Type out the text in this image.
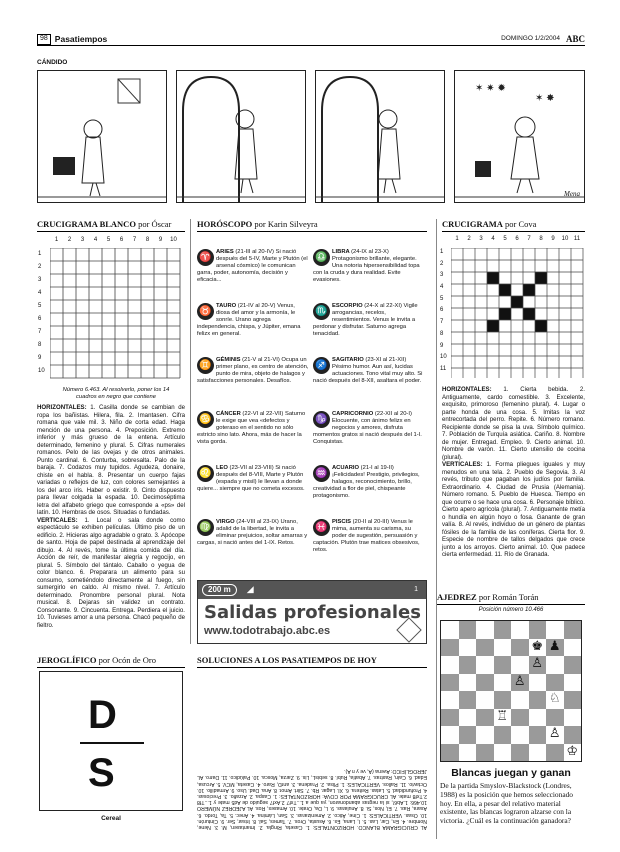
98 Pasatiempos	DOMINGO 1/2/2004 ABC
CÁNDIDO
✶ ✷ ✹
✶ ✸
Mena
CRUCIGRAMA BLANCO por Óscar
1	2	3	4	5	6	7	8	9	10
1
2
3
4
5
6
7
8
9
10
Número 6.463. Al resolverlo, poner los 14 cuadros en negro que contiene
HORIZONTALES: 1. Casilla donde se cambian de ropa los bañistas. Hilera, fila. 2. Imantasen. Cifra romana que vale mil. 3. Niño de corta edad. Haga mención de una persona. 4. Preposición. Extremo inferior y más grueso de la entena. Artículo determinado, femenino y plural. 5. Cifras numerales romanos. Pelo de las ovejas y de otros animales. Punto cardinal. 6. Conturba, sobresalta. Palo de la baraja. 7. Codazos muy tupidos. Agudeza, donaire, chiste en el habla. 8. Presentar un cuerpo fajas variadas o reflejos de luz, con colores semejantes a los del arco iris. Haber o existir. 9. Cinto dispuesto para llevar colgada la espada. 10. Decimoséptima letra del alfabeto griego que corresponde a «ps» del latín. 10. Hembras de osos. Situadas o fundadas.
VERTICALES: 1. Local o sala donde como espectáculo se exhiben películas. Último piso de un edificio. 2. Hicieras algo agradable o grato. 3. Apócope de santo. Hoja de papel destinada al aprendizaje del dibujo. 4. Al revés, tome la última comida del día. Acción de reír, de manifestar alegría y regocijo, en plural. 5. Símbolo del tántalo. Caballo o yegua de color blanco. 6. Preparara un alimento para su consumo, sometiéndolo directamente al fuego, sin sumergirlo en caldo. Al mismo nivel. 7. Artículo determinado. Pronombre personal plural. Nota musical. 8. Dejaras sin validez un contrato. Consonante. 9. Cincuenta. Entrega. Perdiera el juicio. 10. Tuvieses amor a una persona. Chacó pequeño de fieltro.
HORÓSCOPO por Karin Silveyra
♈ ARIES (21-III al 20-IV) Si nació después del 5-IV, Marte y Plutón (el arsenal cósmico) le comunican garra, poder, autonomía, decisión y eficacia...
♉ TAURO (21-IV al 20-V) Venus, diosa del amor y la armonía, le sonríe. Urano agrega independencia, chispa, y Júpiter, emana felizx en general.
♊ GÉMINIS (21-V al 21-VI) Ocupa un primer plano, es centro de atención, punto de mira, objeto de halagos y satisfacciones personales. Desafíos.
♋ CÁNCER (22-VI al 22-VII) Saturno le exige que vea «defectos y goteraso en el sentido no sólo estricto sino lato. Ahora, más de hacer la vista gorda.
♌ LEO (23-VII al 23-VIII) Si nació después del 8-VIII, Marte y Plutón (espada y misil) le llevan a donde quiere... siempre que no cometa excesos.
♍ VIRGO (24-VIII al 23-IX) Urano, adalid de la libertad, le invita a eliminar prejuicios, soltar amarras y cargas, si nació antes del 1-IX. Retos.
♎ LIBRA (24-IX al 23-X) Protagonismo brillante, elegante. Una notoria hipersensibilidad topa con la cruda y dura realidad. Evite evasiones.
♏ ESCORPIO (24-X al 22-XI) Vigile arrogancias, recelos, resentimientos. Venus le invita a perdonar y disfrutar. Saturno agrega tenacidad.
♐ SAGITARIO (23-XI al 21-XII) Pésimo humor. Aun así, lucidas actuaciones. Tono vital muy alto. Si nació después del 8-XII, asaltara el poder.
♑ CAPRICORNIO (22-XII al 20-I) Elocuente, con ánimo felizx en negocios y amores, disfruta momentos gratos si nació después del 1-I. Conquistas.
♒ ACUARIO (21-I al 19-II) ¡Felicidades! Prestigio, privilegios, halagos, reconocimiento, brillo, creatividad a flor de piel, chispeante protagonismo.
♓ PISCIS (20-II al 20-III) Venus le mima, aumenta su carisma, su poder de sugestión, persuasión y captación. Plutón trae matices obsesivos, retos.
CRUCIGRAMA por Cova
1	2	3	4	5	6	7	8	9	10 11
1
2
3
4
5
6
7
8
9
10
11
HORIZONTALES: 1. Cierta bebida. 2. Antiguamente, cardo comestible. 3. Excelente, exquisito, primoroso (femenino plural). 4. Lugar o parte honda de una cosa. 5. Imitas la voz entrecortada del perro. Repite. 6. Número romano. Recipiente donde se pisa la uva. Símbolo químico. 7. Población de Turquía asiática. Cariño. 8. Nombre de mujer. Entregad. Empleo. 9. Cierto animal. 10. Nombre de varón. 11. Cierto utensilio de cocina (plural).
VERTICALES: 1. Forma pliegues iguales y muy menudos en una tela. 2. Pueblo de Segovia. 3. Al revés, tributo que pagaban los judíos por familia. Extraordinario. 4. Ciudad de Prusia (Alemania). Número romano. 5. Pueblo de Huesca. Tiempo en que ocurre o se hace una cosa. 6. Personaje bíblico. Cierto apero agrícola (plural). 7. Antiguamente metía o hundía en algún hoyo o fosa. Ganante de gran valía. 8. Al revés, individuo de un género de plantas fósiles de la familia de las coníferas. Cierta flor. 9. Especie de nombre de tallos delgados que crece junto a los arroyos. Cierto animal. 10. Que padece cierta enfermedad. 11. Río de Granada.
200 m	◢	1
Salidas profesionales
www.todotrabajo.abc.es
JEROGLÍFICO por Ocón de Oro
D
S
Cereal
SOLUCIONES A LOS PASATIEMPOS DE HOY
AL CRUCIGRAMA BLANCO. HORIZONTALES: 1. Caseta, Ringla. 2. Imantasen, M. 3. Nene, Nombre. 4. En, Car, Las. 5. I, Lana, Es. 6. Asusta, Oros. 7. Tames, Sal. 8. Irisar, Ser. 9. Cinturón. 10. Osas. VERTICALES: 1. Cine, Ático. 2. Amenizaras. 3. San, Lámina. 4. Anec. 5. Ta, Tordo. 6. Asara, Ras. 7. El, Nos, Si. 8. Anularas. 9. L, Da, Orate. 10. Amases, Ros. AL AJEDREZ NÚMERO 10.466: 1.Ab6!, si la negras abandonaron, ya que a 1...Txf7 2.Axf7 seguido de Ad5 mate y 1...Tf8 2.Txf8 mate. AL CRUCIGRAMA POR COVA: HORIZONTALES: 1. Caspa. 2. Arzafio. 3. Preciosas. 4. Profundidad. 5. Latas. Reitera. 6. XI. Lagar. Rb. 7. Siirt. Amor. 8. Ana. Dad. Uso. 9. Armadillo. 10. Octavio. 11. Rallos. VERTICALES: 1. Plisa. 2. Pradena. 3. anrD, Raro. 4. Caseta, MCV. 5. Arcusa, Edad. 6. Caín, Rastras. 7. Abatía, Rubí. 8. sebisL, Lis. 9. Zarza, Mosca. 10. Palúdico. 11. Darro. AL JEROGLÍFICO: Avena (A, ve y n A).
AJEDREZ por Román Torán
Posición número 10.466
♚ ♟
♙
♙
♘
♖
♙
♔
Blancas juegan y ganan
De la partida Smyslov-Blackstock (Londres, 1988) es la posición que hemos seleccionado hoy. En ella, a pesar del relativo material existente, las blancas lograron alzarse con la victoria. ¿Cuál es la continuación ganadora?
